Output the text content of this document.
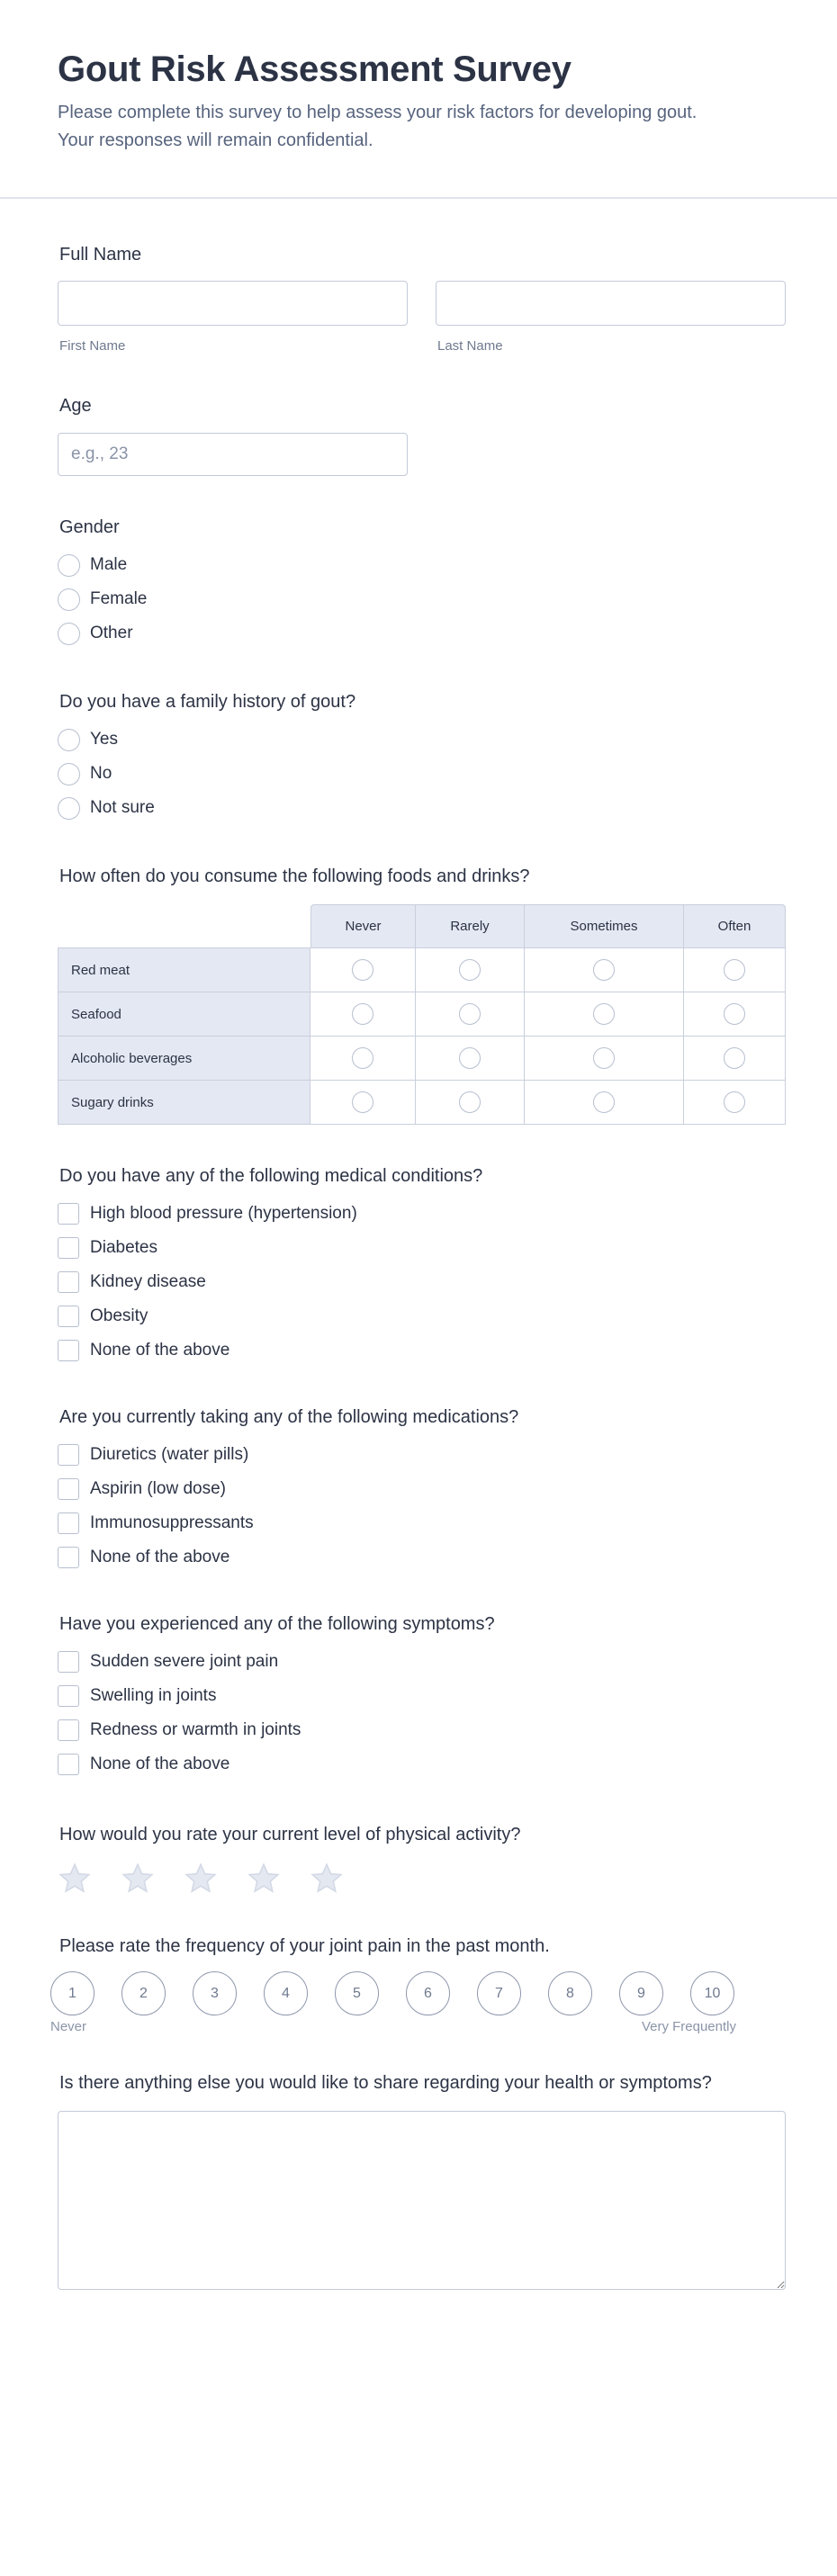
Gout Risk Assessment Survey
Please complete this survey to help assess your risk factors for developing gout.
Your responses will remain confidential.
Full Name
First Name	Last Name
Age
e.g., 23
Gender
Male
Female
Other
Do you have a family history of gout?
Yes
No
Not sure
How often do you consume the following foods and drinks?
	Never	Rarely	Sometimes	Often
Red meat				
Seafood				
Alcoholic beverages				
Sugary drinks				
Do you have any of the following medical conditions?
High blood pressure (hypertension)
Diabetes
Kidney disease
Obesity
None of the above
Are you currently taking any of the following medications?
Diuretics (water pills)
Aspirin (low dose)
Immunosuppressants
None of the above
Have you experienced any of the following symptoms?
Sudden severe joint pain
Swelling in joints
Redness or warmth in joints
None of the above
How would you rate your current level of physical activity?
Please rate the frequency of your joint pain in the past month.
1	2	3	4	5	6	7	8	9	10
Never	Very Frequently
Is there anything else you would like to share regarding your health or symptoms?
